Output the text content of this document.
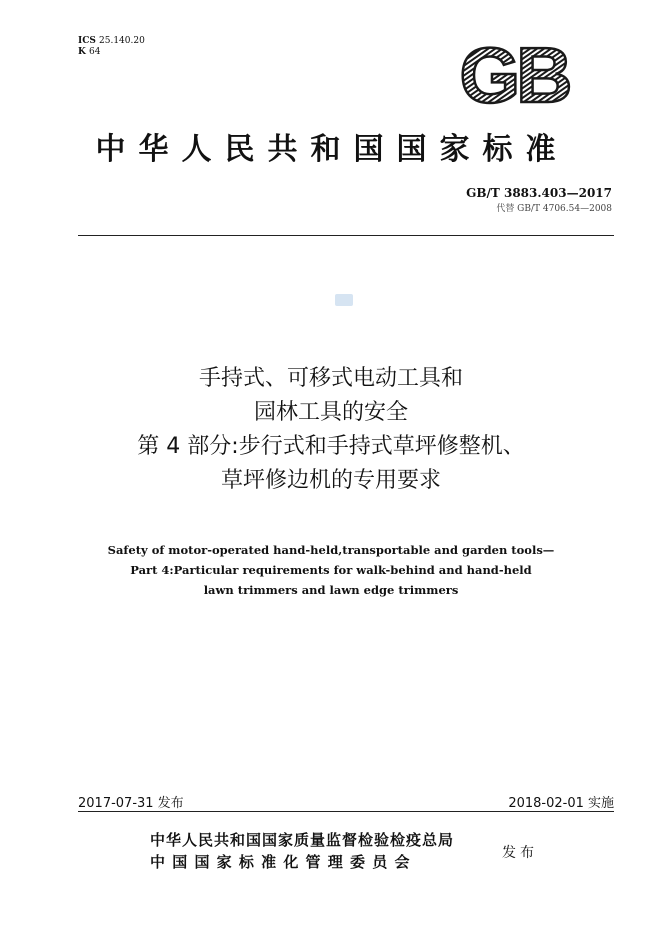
ICS 25.140.20
K 64	GB
中华人民共和国国家标准
GB/T 3883.403—2017
代替 GB/T 4706.54—2008
手持式、可移式电动工具和
园林工具的安全
第 4 部分:步行式和手持式草坪修整机、
草坪修边机的专用要求
Safety of motor-operated hand-held,transportable and garden tools—
Part 4:Particular requirements for walk-behind and hand-held
lawn trimmers and lawn edge trimmers
2017-07-31 发布	2018-02-01 实施
中华人民共和国国家质量监督检验检疫总局
中 国 国 家 标 准 化 管 理 委 员 会	发布
